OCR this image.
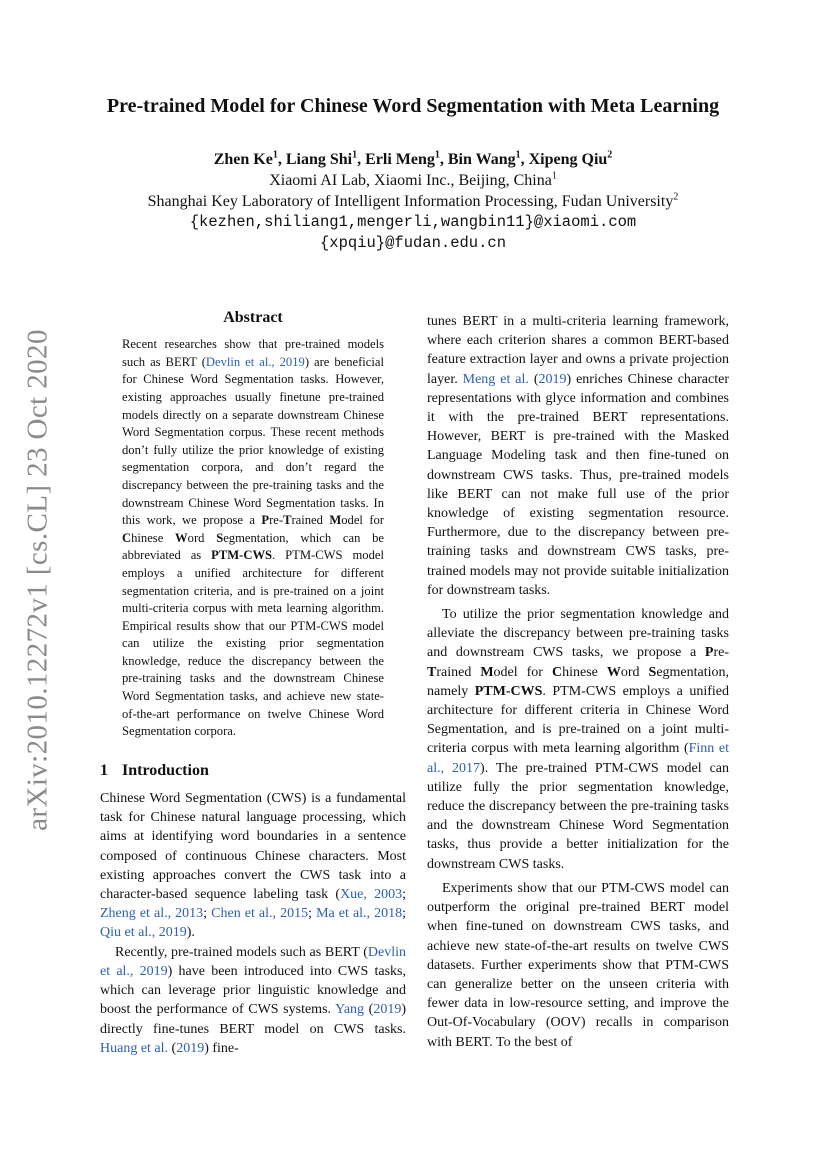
arXiv:2010.12272v1 [cs.CL] 23 Oct 2020
Pre-trained Model for Chinese Word Segmentation with Meta Learning
Zhen Ke$^1$, Liang Shi$^1$, Erli Meng$^1$, Bin Wang$^1$, Xipeng Qiu$^2$
Xiaomi AI Lab, Xiaomi Inc., Beijing, China$^1$
Shanghai Key Laboratory of Intelligent Information Processing, Fudan University$^2$
{kezhen,shiliang1,mengerli,wangbin11}@xiaomi.com
{xpqiu}@fudan.edu.cn
Abstract

Recent researches show that pre-trained models such as BERT (Devlin et al., 2019) are beneficial for Chinese Word Segmentation tasks. However, existing approaches usually finetune pre-trained models directly on a separate downstream Chinese Word Segmentation corpus. These recent methods don’t fully utilize the prior knowledge of existing segmentation corpora, and don’t regard the discrepancy between the pre-training tasks and the downstream Chinese Word Segmentation tasks. In this work, we propose a Pre-Trained Model for Chinese Word Segmentation, which can be abbreviated as PTM-CWS. PTM-CWS model employs a unified architecture for different segmentation criteria, and is pre-trained on a joint multi-criteria corpus with meta learning algorithm. Empirical results show that our PTM-CWS model can utilize the existing prior segmentation knowledge, reduce the discrepancy between the pre-training tasks and the downstream Chinese Word Segmentation tasks, and achieve new state-of-the-art performance on twelve Chinese Word Segmentation corpora.

1 Introduction

Chinese Word Segmentation (CWS) is a fundamental task for Chinese natural language processing, which aims at identifying word boundaries in a sentence composed of continuous Chinese characters. Most existing approaches convert the CWS task into a character-based sequence labeling task (Xue, 2003; Zheng et al., 2013; Chen et al., 2015; Ma et al., 2018; Qiu et al., 2019).

Recently, pre-trained models such as BERT (Devlin et al., 2019) have been introduced into CWS tasks, which can leverage prior linguistic knowledge and boost the performance of CWS systems. Yang (2019) directly fine-tunes BERT model on CWS tasks. Huang et al. (2019) fine-

tunes BERT in a multi-criteria learning framework, where each criterion shares a common BERT-based feature extraction layer and owns a private projection layer. Meng et al. (2019) enriches Chinese character representations with glyce information and combines it with the pre-trained BERT representations. However, BERT is pre-trained with the Masked Language Modeling task and then fine-tuned on downstream CWS tasks. Thus, pre-trained models like BERT can not make full use of the prior knowledge of existing segmentation resource. Furthermore, due to the discrepancy between pre-training tasks and downstream CWS tasks, pre-trained models may not provide suitable initialization for downstream tasks.

To utilize the prior segmentation knowledge and alleviate the discrepancy between pre-training tasks and downstream CWS tasks, we propose a Pre-Trained Model for Chinese Word Segmentation, namely PTM-CWS. PTM-CWS employs a unified architecture for different criteria in Chinese Word Segmentation, and is pre-trained on a joint multi-criteria corpus with meta learning algorithm (Finn et al., 2017). The pre-trained PTM-CWS model can utilize fully the prior segmentation knowledge, reduce the discrepancy between the pre-training tasks and the downstream Chinese Word Segmentation tasks, thus provide a better initialization for the downstream CWS tasks.

Experiments show that our PTM-CWS model can outperform the original pre-trained BERT model when fine-tuned on downstream CWS tasks, and achieve new state-of-the-art results on twelve CWS datasets. Further experiments show that PTM-CWS can generalize better on the unseen criteria with fewer data in low-resource setting, and improve the Out-Of-Vocabulary (OOV) recalls in comparison with BERT. To the best of
